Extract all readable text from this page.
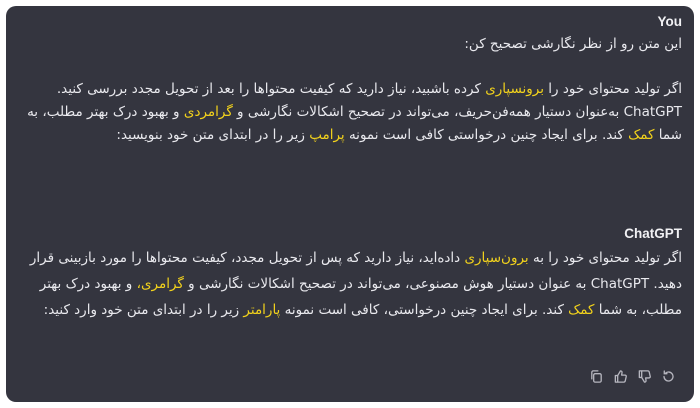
You

این متن رو از نظر نگارشی تصحیح کن:

اگر تولید محتوای خود را برونسپاری کرده باشبید، نیاز دارید که کیفیت محتواها را بعد از تحویل مجدد بررسی کنید. ChatGPT به‌عنوان دستیار همه‌فن‌حریف، می‌تواند در تصحیح اشکالات نگارشی و گرامردی و بهبود درک بهتر مطلب، به شما کمک کند. برای ایجاد چنین درخواستی کافی است نمونه پرامپ زیر را در ابتدای متن خود بنویسید:

ChatGPT

اگر تولید محتوای خود را به برون‌سپاری داده‌اید، نیاز دارید که پس از تحویل مجدد، کیفیت محتواها را مورد بازبینی قرار دهید. ChatGPT به عنوان دستیار هوش مصنوعی، می‌تواند در تصحیح اشکالات نگارشی و گرامری، و بهبود درک بهتر مطلب، به شما کمک کند. برای ایجاد چنین درخواستی، کافی است نمونه پارامتر زیر را در ابتدای متن خود وارد کنید:
